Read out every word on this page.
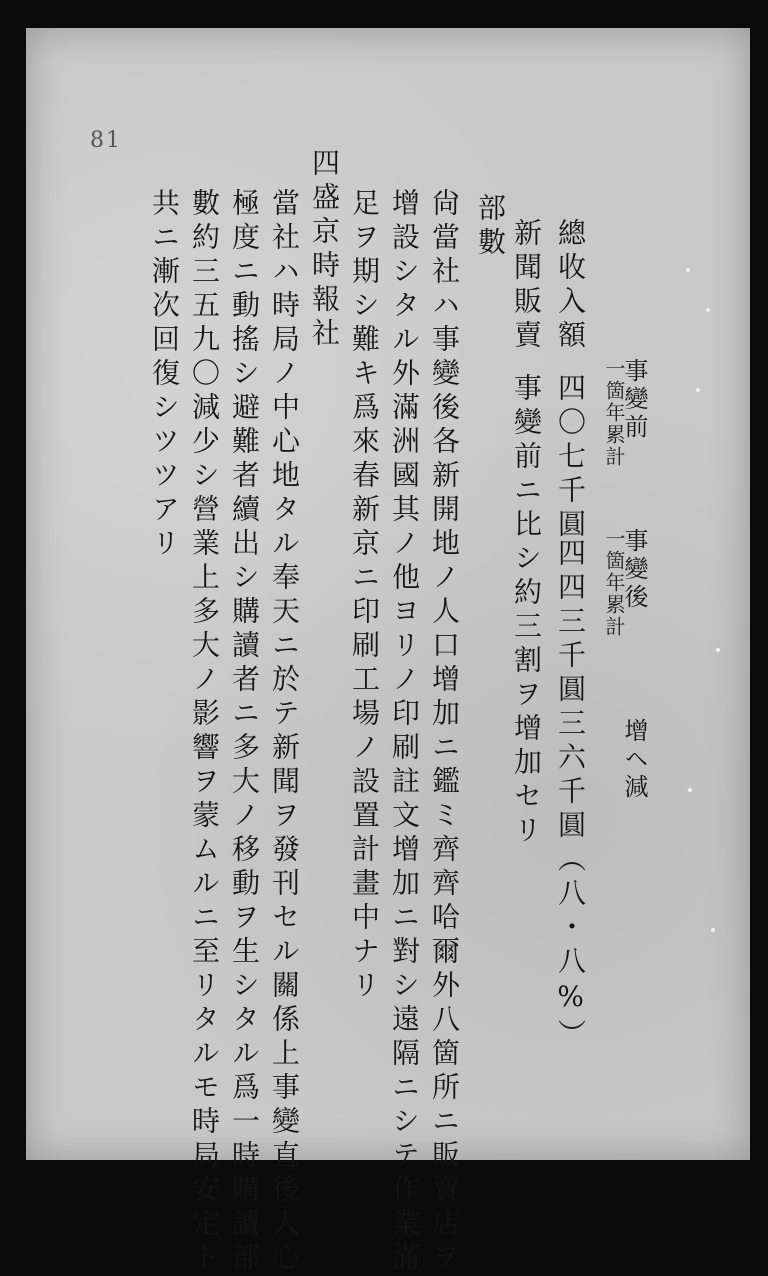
81
事變前
一箇年累計
事變後
一箇年累計
增ヘ減
總收入額
四〇七千圓
四四三千圓
三六千圓（八・八%）
新聞販賣
部數
事變前ニ比シ約三割ヲ增加セリ
尙當社ハ事變後各新開地ノ人口增加ニ鑑ミ齊齊哈爾外八箇所ニ販賣店ヲ
增設シタル外滿洲國其ノ他ヨリノ印刷註文增加ニ對シ遠隔ニシテ作業滿
足ヲ期シ難キ爲來春新京ニ印刷工場ノ設置計畫中ナリ
四盛京時報社
當社ハ時局ノ中心地タル奉天ニ於テ新聞ヲ發刊セル關係上事變直後人心
極度ニ動搖シ避難者續出シ購讀者ニ多大ノ移動ヲ生シタル爲一時購讀部
數約三五九〇減少シ營業上多大ノ影響ヲ蒙ムルニ至リタルモ時局安定ト
共ニ漸次回復シツツアリ
